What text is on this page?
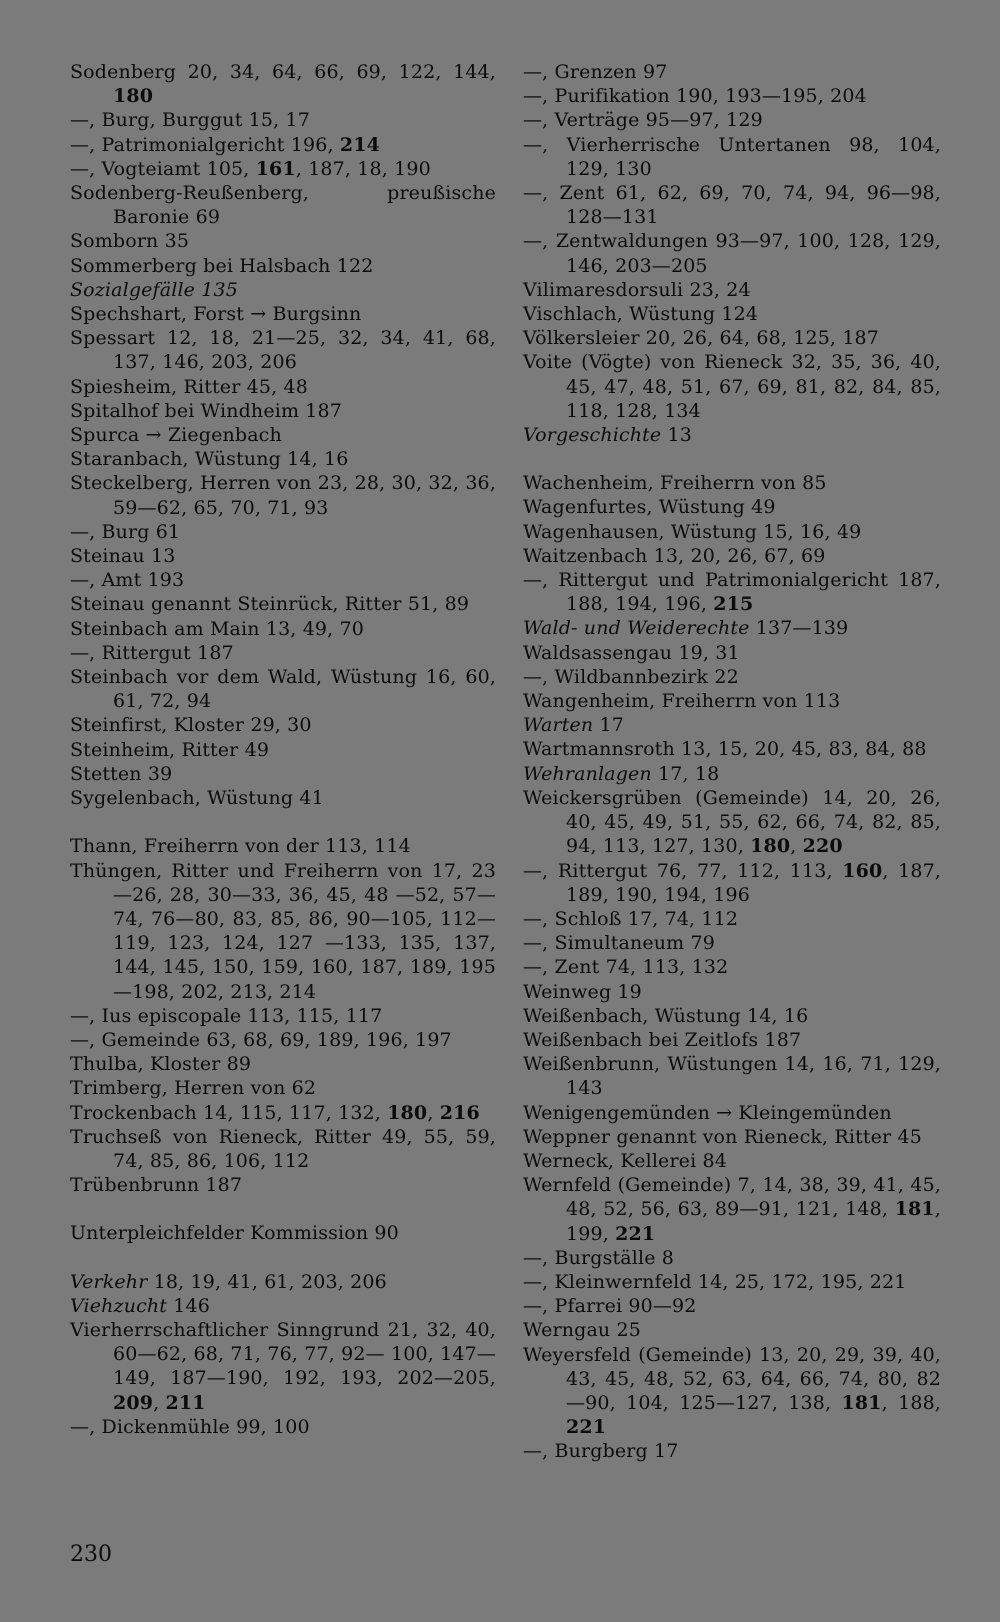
Sodenberg 20, 34, 64, 66, 69, 122, 144, 180
—, Burg, Burggut 15, 17
—, Patrimonialgericht 196, 214
—, Vogteiamt 105, 161, 187, 18, 190
Sodenberg-Reußenberg, preußische Baronie 69
Somborn 35
Sommerberg bei Halsbach 122
Sozialgefälle 135
Spechshart, Forst → Burgsinn
Spessart 12, 18, 21—25, 32, 34, 41, 68, 137, 146, 203, 206
Spiesheim, Ritter 45, 48
Spitalhof bei Windheim 187
Spurca → Ziegenbach
Staranbach, Wüstung 14, 16
Steckelberg, Herren von 23, 28, 30, 32, 36, 59—62, 65, 70, 71, 93
—, Burg 61
Steinau 13
—, Amt 193
Steinau genannt Steinrück, Ritter 51, 89
Steinbach am Main 13, 49, 70
—, Rittergut 187
Steinbach vor dem Wald, Wüstung 16, 60, 61, 72, 94
Steinfirst, Kloster 29, 30
Steinheim, Ritter 49
Stetten 39
Sygelenbach, Wüstung 41
Thann, Freiherrn von der 113, 114
Thüngen, Ritter und Freiherrn von 17, 23—26, 28, 30—33, 36, 45, 48 —52, 57—74, 76—80, 83, 85, 86, 90—105, 112—119, 123, 124, 127 —133, 135, 137, 144, 145, 150, 159, 160, 187, 189, 195—198, 202, 213, 214
—, Ius episcopale 113, 115, 117
—, Gemeinde 63, 68, 69, 189, 196, 197
Thulba, Kloster 89
Trimberg, Herren von 62
Trockenbach 14, 115, 117, 132, 180, 216
Truchseß von Rieneck, Ritter 49, 55, 59, 74, 85, 86, 106, 112
Trübenbrunn 187
Unterpleichfelder Kommission 90
Verkehr 18, 19, 41, 61, 203, 206
Viehzucht 146
Vierherrschaftlicher Sinngrund 21, 32, 40, 60—62, 68, 71, 76, 77, 92— 100, 147—149, 187—190, 192, 193, 202—205, 209, 211
—, Dickenmühle 99, 100
—, Grenzen 97
—, Purifikation 190, 193—195, 204
—, Verträge 95—97, 129
—, Vierherrische Untertanen 98, 104, 129, 130
—, Zent 61, 62, 69, 70, 74, 94, 96—98, 128—131
—, Zentwaldungen 93—97, 100, 128, 129, 146, 203—205
Vilimaresdorsuli 23, 24
Vischlach, Wüstung 124
Völkersleier 20, 26, 64, 68, 125, 187
Voite (Vögte) von Rieneck 32, 35, 36, 40, 45, 47, 48, 51, 67, 69, 81, 82, 84, 85, 118, 128, 134
Vorgeschichte 13
Wachenheim, Freiherrn von 85
Wagenfurtes, Wüstung 49
Wagenhausen, Wüstung 15, 16, 49
Waitzenbach 13, 20, 26, 67, 69
—, Rittergut und Patrimonialgericht 187, 188, 194, 196, 215
Wald- und Weiderechte 137—139
Waldsassengau 19, 31
—, Wildbannbezirk 22
Wangenheim, Freiherrn von 113
Warten 17
Wartmannsroth 13, 15, 20, 45, 83, 84, 88
Wehranlagen 17, 18
Weickersgrüben (Gemeinde) 14, 20, 26, 40, 45, 49, 51, 55, 62, 66, 74, 82, 85, 94, 113, 127, 130, 180, 220
—, Rittergut 76, 77, 112, 113, 160, 187, 189, 190, 194, 196
—, Schloß 17, 74, 112
—, Simultaneum 79
—, Zent 74, 113, 132
Weinweg 19
Weißenbach, Wüstung 14, 16
Weißenbach bei Zeitlofs 187
Weißenbrunn, Wüstungen 14, 16, 71, 129, 143
Wenigengemünden → Kleingemünden
Weppner genannt von Rieneck, Ritter 45
Werneck, Kellerei 84
Wernfeld (Gemeinde) 7, 14, 38, 39, 41, 45, 48, 52, 56, 63, 89—91, 121, 148, 181, 199, 221
—, Burgställe 8
—, Kleinwernfeld 14, 25, 172, 195, 221
—, Pfarrei 90—92
Werngau 25
Weyersfeld (Gemeinde) 13, 20, 29, 39, 40, 43, 45, 48, 52, 63, 64, 66, 74, 80, 82—90, 104, 125—127, 138, 181, 188, 221
—, Burgberg 17
230
